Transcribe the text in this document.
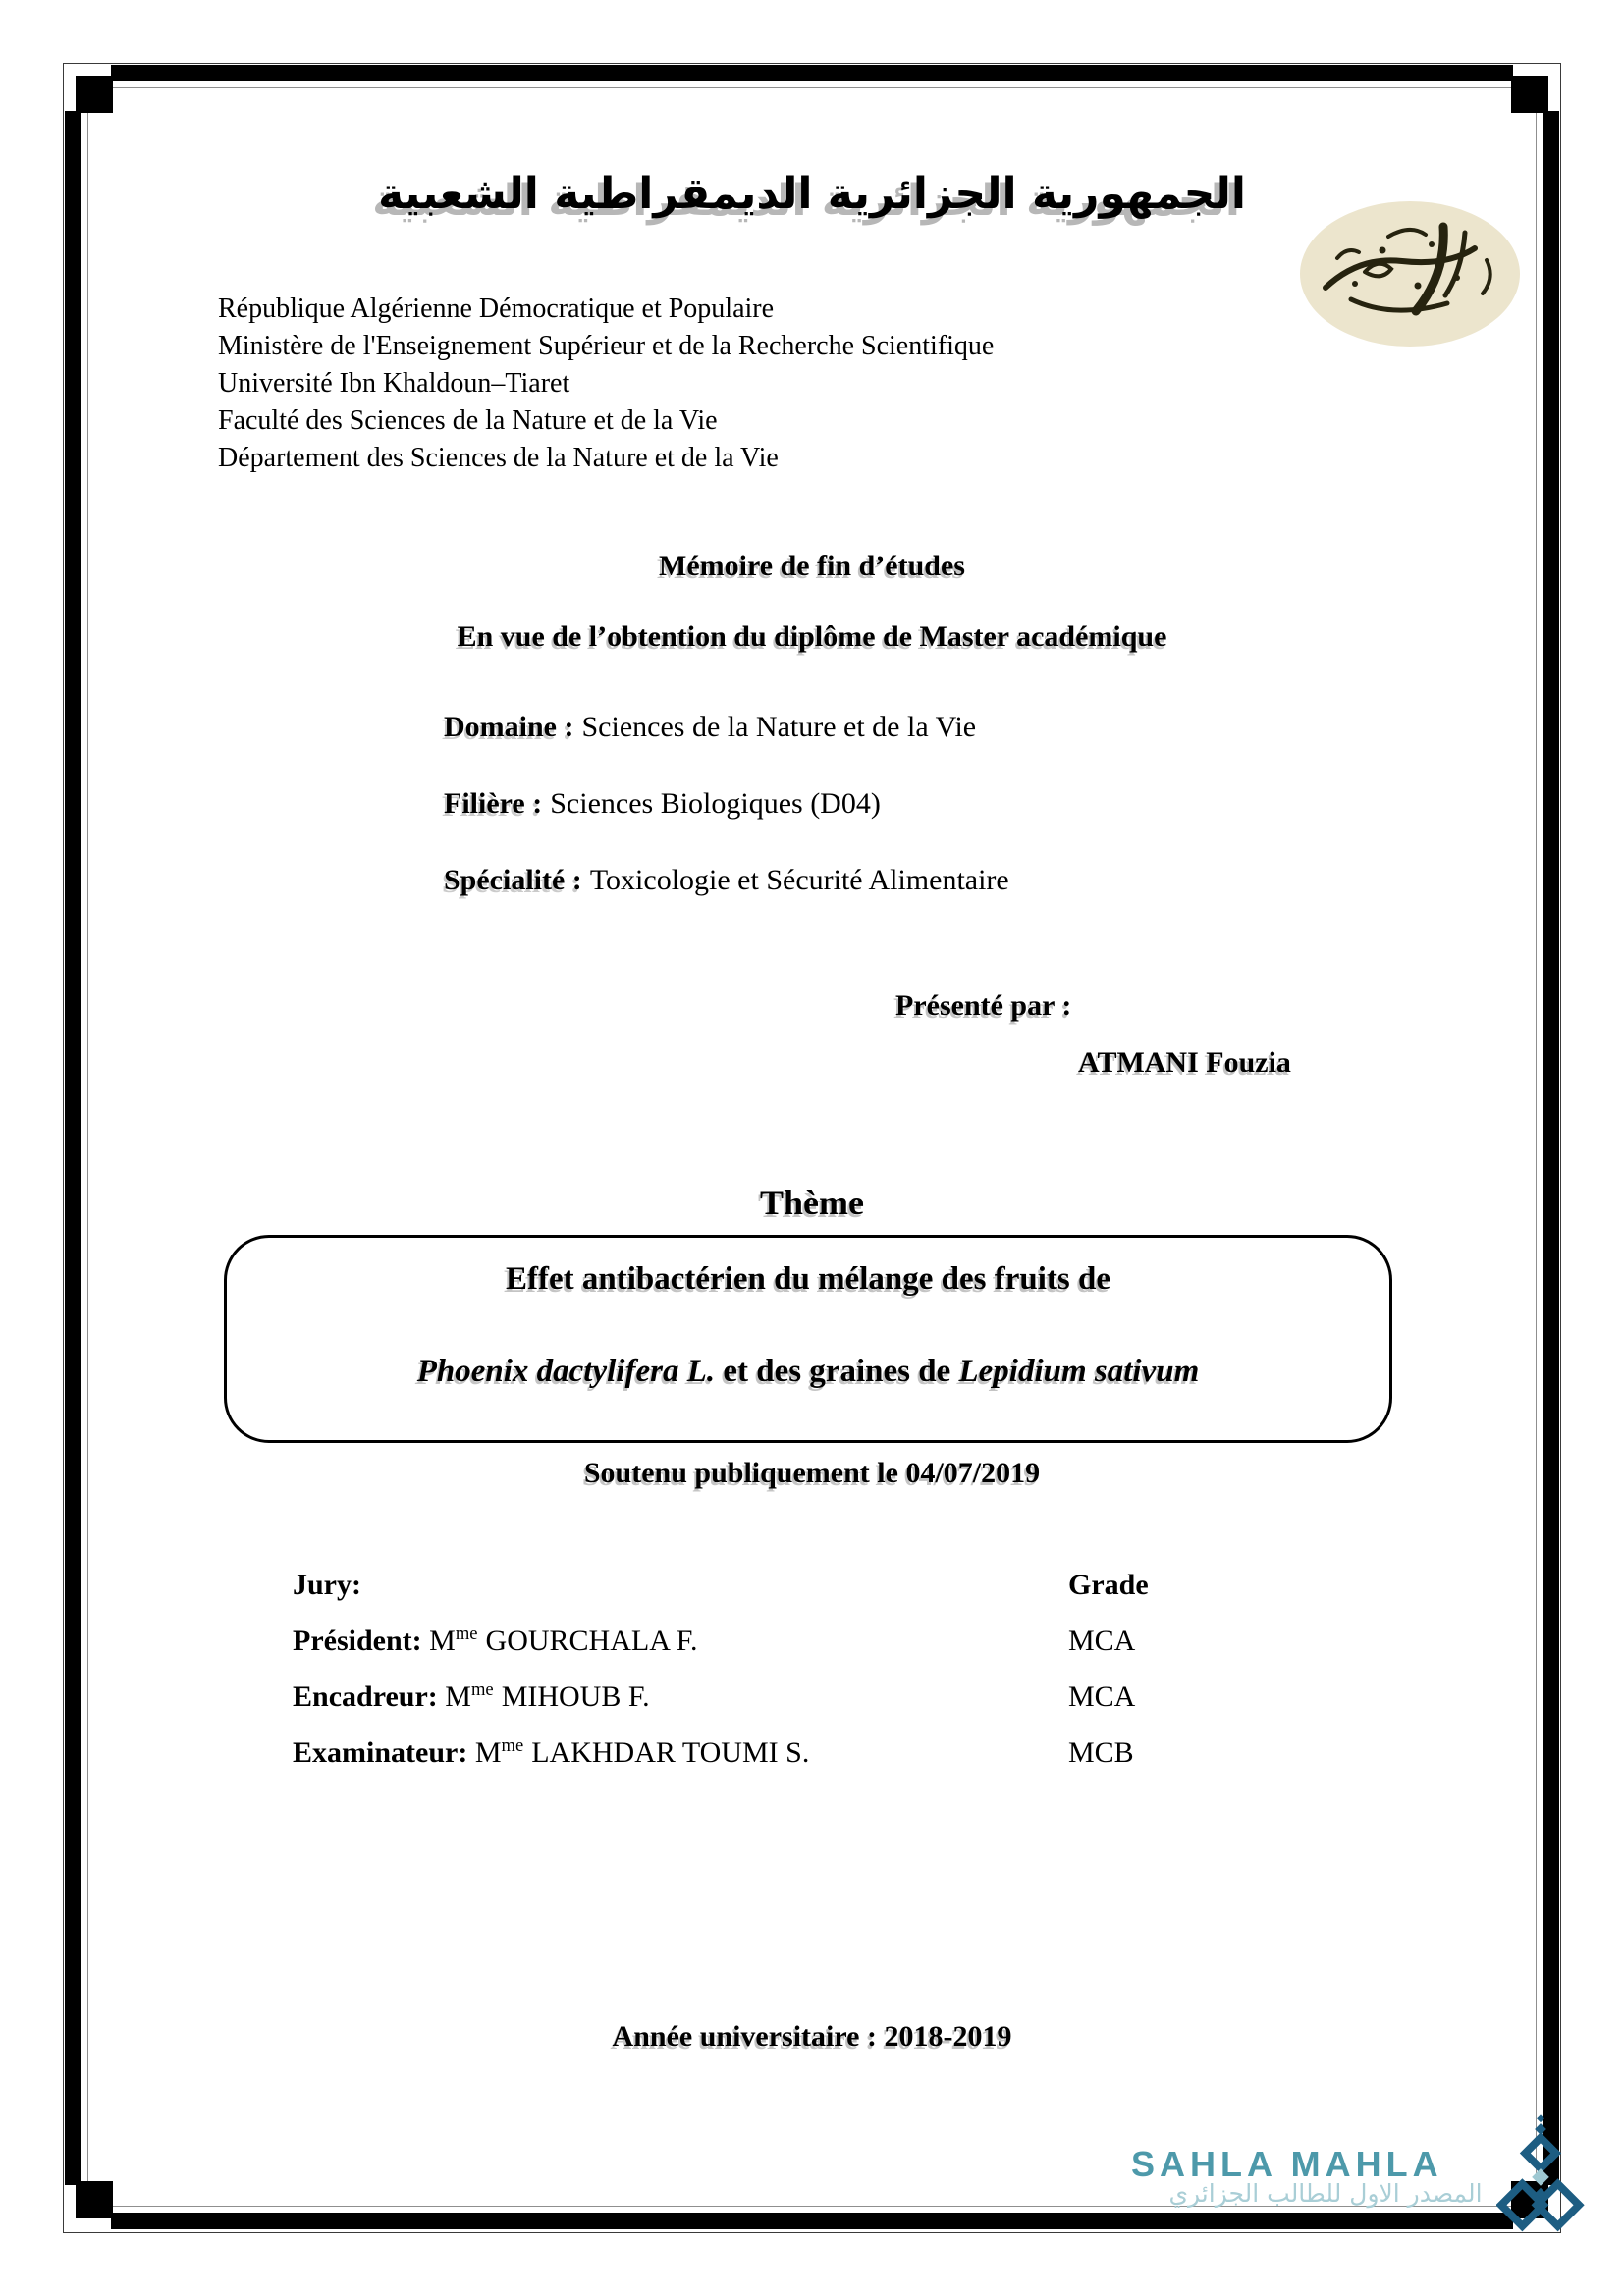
الجمهورية الجزائرية الديمقراطية الشعبية
République Algérienne Démocratique et Populaire
Ministère de l'Enseignement Supérieur et de la Recherche Scientifique
Université Ibn Khaldoun–Tiaret
Faculté des Sciences de la Nature et de la Vie
Département des Sciences de la Nature et de la Vie
Mémoire de fin d’études
En vue de l’obtention du diplôme de Master académique
Domaine : Sciences de la Nature et de la Vie
Filière : Sciences Biologiques (D04)
Spécialité : Toxicologie et Sécurité Alimentaire
Présenté par :
ATMANI Fouzia
Thème
Effet antibactérien du mélange des fruits de
Phoenix dactylifera L. et des graines de Lepidium sativum
Soutenu publiquement le 04/07/2019
Jury:	Grade
Président: $M^{me}$ GOURCHALA F.	MCA
Encadreur: $M^{me}$ MIHOUB F.	MCA
Examinateur: $M^{me}$ LAKHDAR TOUMI S.	MCB
Année universitaire : 2018-2019
SAHLA MAHLA
المصدر الاول للطالب الجزائري
